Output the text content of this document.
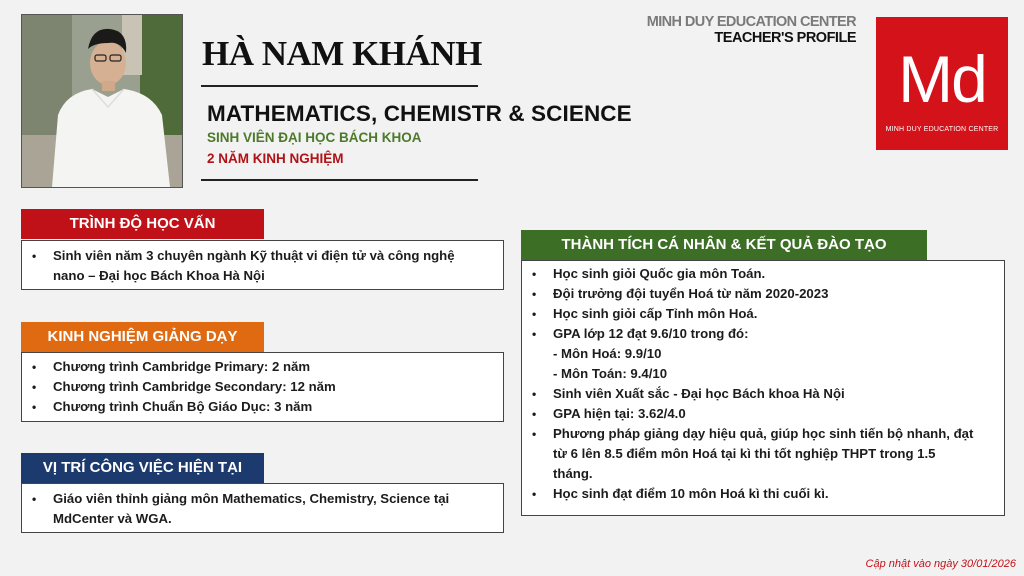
HÀ NAM KHÁNH
MATHEMATICS, CHEMISTR & SCIENCE
SINH VIÊN ĐẠI HỌC BÁCH KHOA
2 NĂM KINH NGHIỆM
MINH DUY EDUCATION CENTER
TEACHER'S PROFILE
Md
MINH DUY EDUCATION CENTER
TRÌNH ĐỘ HỌC VẤN
• Sinh viên năm 3 chuyên ngành Kỹ thuật vi điện tử và công nghệ nano – Đại học Bách Khoa Hà Nội
KINH NGHIỆM GIẢNG DẠY
• Chương trình Cambridge Primary: 2 năm
• Chương trình Cambridge Secondary: 12 năm
• Chương trình Chuẩn Bộ Giáo Dục: 3 năm
VỊ TRÍ CÔNG VIỆC HIỆN TẠI
• Giáo viên thỉnh giảng môn Mathematics, Chemistry, Science tại MdCenter và WGA.
THÀNH TÍCH CÁ NHÂN & KẾT QUẢ ĐÀO TẠO
• Học sinh giỏi Quốc gia môn Toán.
• Đội trưởng đội tuyển Hoá từ năm 2020-2023
• Học sinh giỏi cấp Tỉnh môn Hoá.
• GPA lớp 12 đạt 9.6/10 trong đó:
- Môn Hoá: 9.9/10
- Môn Toán: 9.4/10
• Sinh viên Xuất sắc - Đại học Bách khoa Hà Nội
• GPA hiện tại: 3.62/4.0
• Phương pháp giảng dạy hiệu quả, giúp học sinh tiến bộ nhanh, đạt từ 6 lên 8.5 điểm môn Hoá tại kì thi tốt nghiệp THPT trong 1.5 tháng.
• Học sinh đạt điểm 10 môn Hoá kì thi cuối kì.
Cập nhật vào ngày 30/01/2026
